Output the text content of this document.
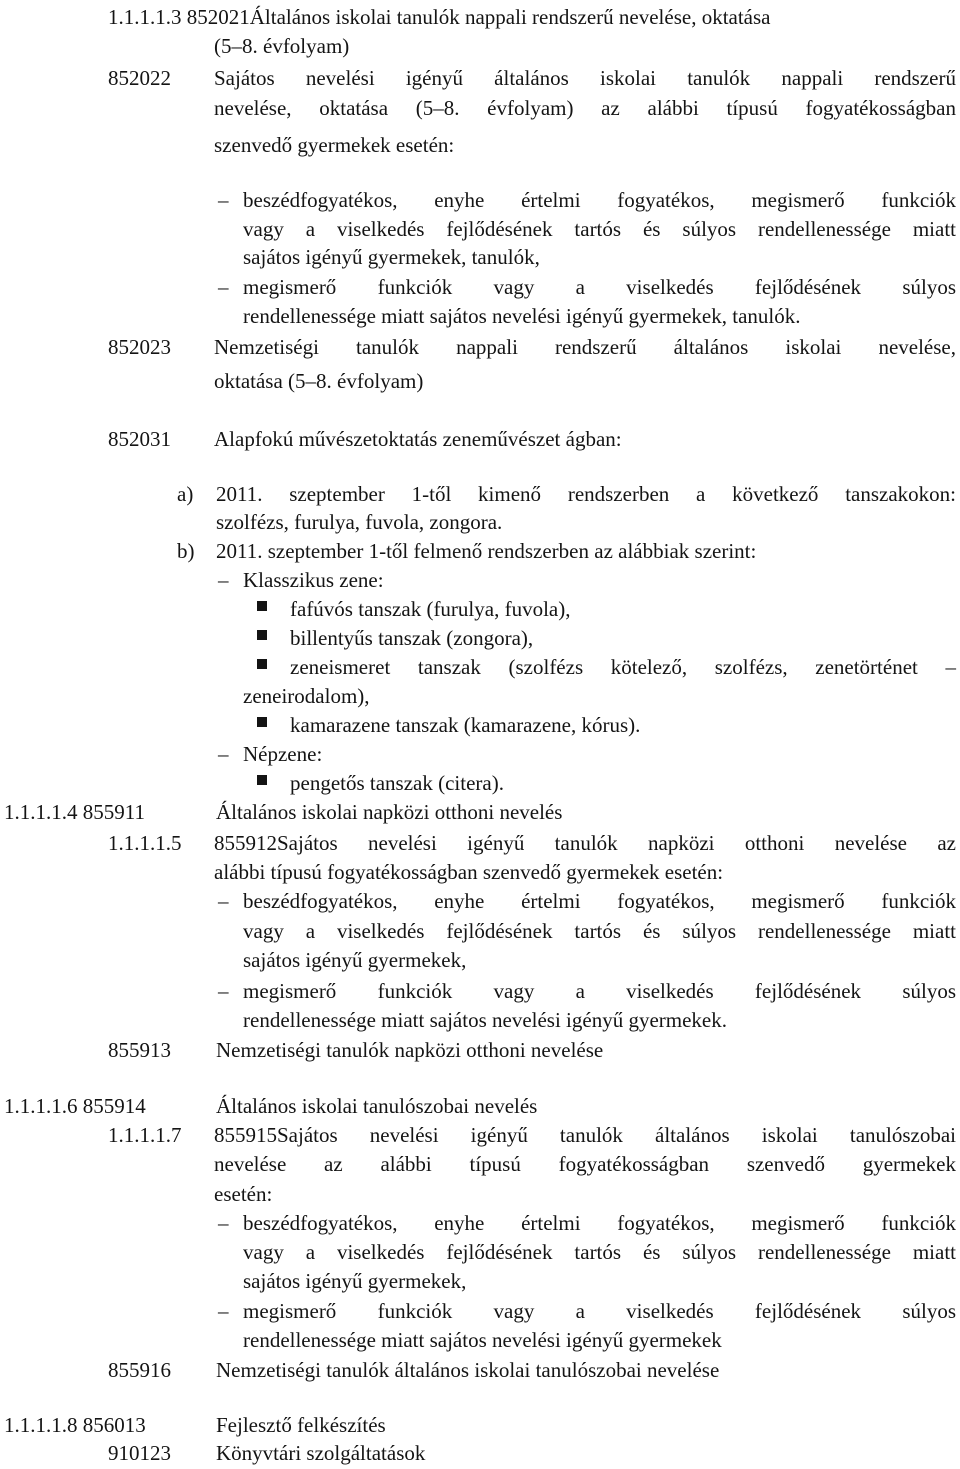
1.1.1.1.3 852021Általános iskolai tanulók nappali rendszerű nevelése, oktatása
(5–8. évfolyam)
852022 Sajátos nevelési igényű általános iskolai tanulók nappali rendszerű
nevelése, oktatása (5–8. évfolyam) az alábbi típusú fogyatékosságban
szenvedő gyermekek esetén:
– beszédfogyatékos, enyhe értelmi fogyatékos, megismerő funkciók
vagy a viselkedés fejlődésének tartós és súlyos rendellenessége miatt
sajátos igényű gyermekek, tanulók,
– megismerő funkciók vagy a viselkedés fejlődésének súlyos
rendellenessége miatt sajátos nevelési igényű gyermekek, tanulók.
852023 Nemzetiségi tanulók nappali rendszerű általános iskolai nevelése,
oktatása (5–8. évfolyam)
852031 Alapfokú művészetoktatás zeneművészet ágban:
a) 2011. szeptember 1-től kimenő rendszerben a következő tanszakokon:
szolfézs, furulya, fuvola, zongora.
b) 2011. szeptember 1-től felmenő rendszerben az alábbiak szerint:
– Klasszikus zene:
fafúvós tanszak (furulya, fuvola),
billentyűs tanszak (zongora),
zeneismeret tanszak (szolfézs kötelező, szolfézs, zenetörténet –
zeneirodalom),
kamarazene tanszak (kamarazene, kórus).
– Népzene:
pengetős tanszak (citera).
1.1.1.1.4 855911	Általános iskolai napközi otthoni nevelés
1.1.1.1.5 855912Sajátos nevelési igényű tanulók napközi otthoni nevelése az
alábbi típusú fogyatékosságban szenvedő gyermekek esetén:
– beszédfogyatékos, enyhe értelmi fogyatékos, megismerő funkciók
vagy a viselkedés fejlődésének tartós és súlyos rendellenessége miatt
sajátos igényű gyermekek,
– megismerő funkciók vagy a viselkedés fejlődésének súlyos
rendellenessége miatt sajátos nevelési igényű gyermekek.
855913 Nemzetiségi tanulók napközi otthoni nevelése
1.1.1.1.6 855914	Általános iskolai tanulószobai nevelés
1.1.1.1.7 855915Sajátos nevelési igényű tanulók általános iskolai tanulószobai
nevelése az alábbi típusú fogyatékosságban szenvedő gyermekek
esetén:
– beszédfogyatékos, enyhe értelmi fogyatékos, megismerő funkciók
vagy a viselkedés fejlődésének tartós és súlyos rendellenessége miatt
sajátos igényű gyermekek,
– megismerő funkciók vagy a viselkedés fejlődésének súlyos
rendellenessége miatt sajátos nevelési igényű gyermekek
855916 Nemzetiségi tanulók általános iskolai tanulószobai nevelése
1.1.1.1.8 856013	Fejlesztő felkészítés
910123 Könyvtári szolgáltatások
